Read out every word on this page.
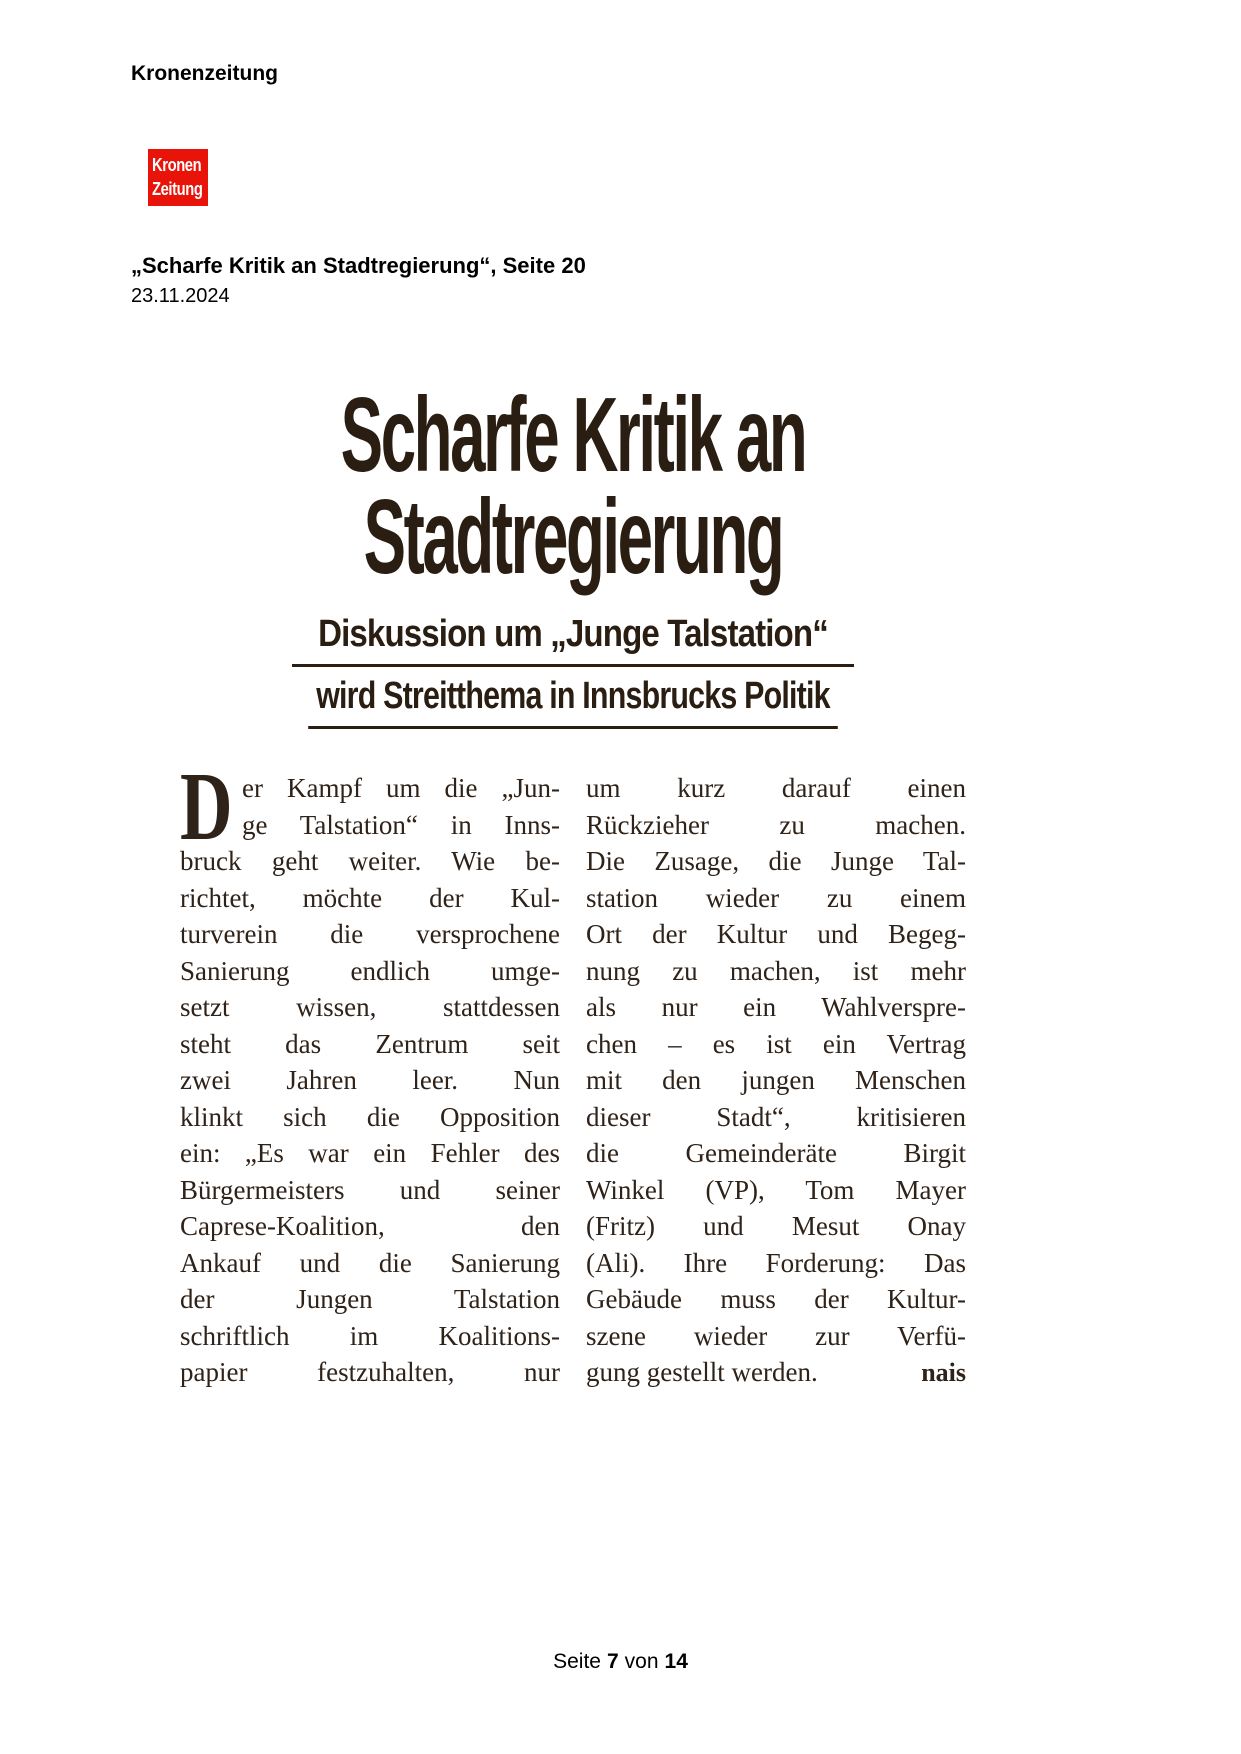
Kronenzeitung
Kronen
Zeitung
„Scharfe Kritik an Stadtregierung“, Seite 20
23.11.2024
Scharfe Kritik an
Stadtregierung
Diskussion um „Junge Talstation“
wird Streitthema in Innsbrucks Politik
D er Kampf um die „Jun-
ge Talstation“ in Inns-
bruck geht weiter. Wie be-
richtet, möchte der Kul-
turverein die versprochene
Sanierung endlich umge-
setzt wissen, stattdessen
steht das Zentrum seit
zwei Jahren leer. Nun
klinkt sich die Opposition
ein: „Es war ein Fehler des
Bürgermeisters und seiner
Caprese-Koalition, den
Ankauf und die Sanierung
der Jungen Talstation
schriftlich im Koalitions-
papier festzuhalten, nur
um kurz darauf einen
Rückzieher zu machen.
Die Zusage, die Junge Tal-
station wieder zu einem
Ort der Kultur und Begeg-
nung zu machen, ist mehr
als nur ein Wahlverspre-
chen – es ist ein Vertrag
mit den jungen Menschen
dieser Stadt“, kritisieren
die Gemeinderäte Birgit
Winkel (VP), Tom Mayer
(Fritz) und Mesut Onay
(Ali). Ihre Forderung: Das
Gebäude muss der Kultur-
szene wieder zur Verfü-
gung gestellt werden.	nais
Seite 7 von 14
